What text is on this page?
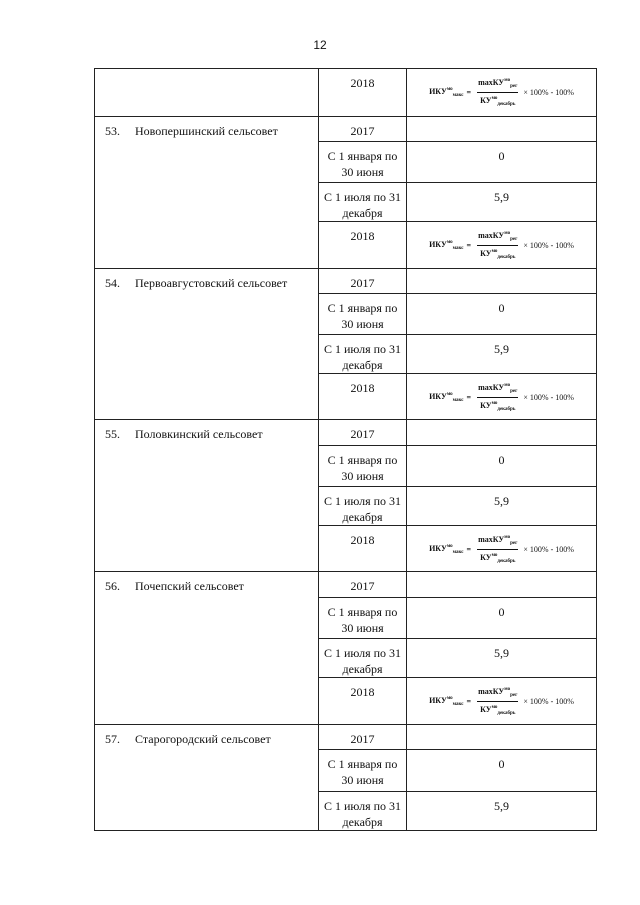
12

	2018	$ИКУ^{мо}_{макс} = \frac{\max КУ^{мо}_{рег}}{КУ^{мо}_{декабрь}} \times 100\% - 100\%$

53. Новопершинский сельсовет	2017	

	С 1 января по 30 июня	0

	С 1 июля по 31 декабря	5,9

	2018	$ИКУ^{мо}_{макс} = \frac{\max КУ^{мо}_{рег}}{КУ^{мо}_{декабрь}} \times 100\% - 100\%$

54. Первоавгустовский сельсовет	2017	

	С 1 января по 30 июня	0

	С 1 июля по 31 декабря	5,9

	2018	$ИКУ^{мо}_{макс} = \frac{\max КУ^{мо}_{рег}}{КУ^{мо}_{декабрь}} \times 100\% - 100\%$

55. Половкинский сельсовет	2017	

	С 1 января по 30 июня	0

	С 1 июля по 31 декабря	5,9

	2018	$ИКУ^{мо}_{макс} = \frac{\max КУ^{мо}_{рег}}{КУ^{мо}_{декабрь}} \times 100\% - 100\%$

56. Почепский сельсовет	2017	

	С 1 января по 30 июня	0

	С 1 июля по 31 декабря	5,9

	2018	$ИКУ^{мо}_{макс} = \frac{\max КУ^{мо}_{рег}}{КУ^{мо}_{декабрь}} \times 100\% - 100\%$

57. Старогородский сельсовет	2017	

	С 1 января по 30 июня	0

	С 1 июля по 31 декабря	5,9
